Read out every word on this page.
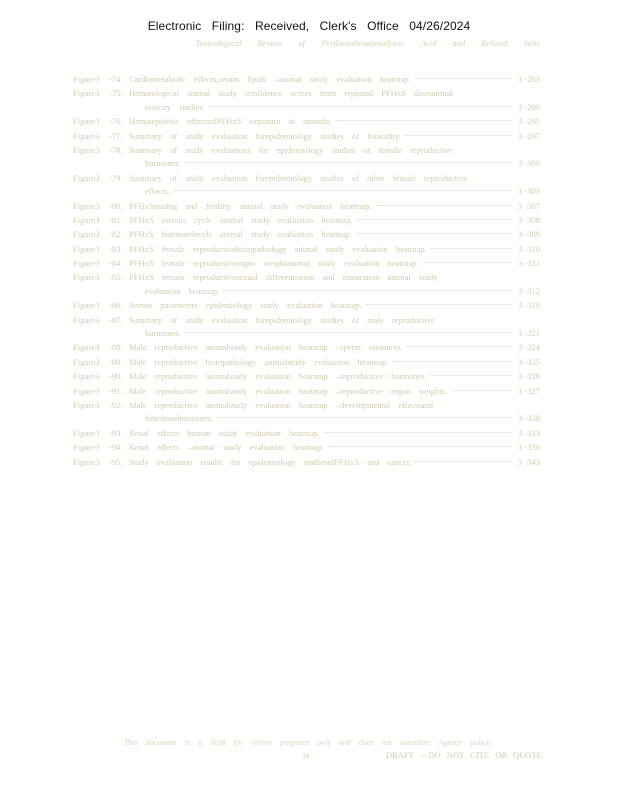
Electronic Filing: Received, Clerk's Office 04/26/2024
Toxicological Review of Perfluorohexanesulfonic Acid and Related Salts
Figure3	-74. Cardiometabolic effects,serum lipids –animal study evaluation heatmap.	3 -283
Figure3	-75. Hematological animal study confidence scores from repeated PFHxS doseanimal
toxicity studies.	3 -290
Figure3	-76. Hematopoietic effectsofPFHxS exposure in animals.	3 -295
Figure3	-77. Summary of study evaluation forepidemiology studies of fecundity.	3 -297
Figure3	-78. Summary of study evaluations for epidemiology studies of female reproductive
hormones.	3 -300
Figure3	-79. Summary of study evaluation forepidemiology studies of other female reproductive
effects.	3 -303
Figure3	-80. PFHxSmating and fertility animal study evaluation heatmap.	3 -307
Figure3	-81. PFHxS estrous cycle animal study evaluation heatmap.	3 -308
Figure3	-82. PFHxS hormonelevels animal study evaluation heatmap.	3 -309
Figure3	-83. PFHxS female reproductivehistopathology animal study evaluation heatmap.	3 -310
Figure3	-84. PFHxS female reproductiveorgan weightanimal study evaluation heatmap.	3 -311
Figure3	-85. PFHxS female reproductivesexual differentiation and maturation animal study
evaluation heatmap.	3 -312
Figure3	-86. Semen parameters epidemiology study evaluation heatmap.	3 -319
Figure3	-87. Summary of study evaluation forepidemiology studies of male reproductive
hormones.	3 -321
Figure3	-88. Male reproductive animalstudy evaluation heatmap –sperm measures.	3 -324
Figure3	-89. Male reproductive histopathology animalstudy evaluation heatmap.	3 -325
Figure3	-90. Male reproductive animalstudy evaluation heatmap –reproductive hormones.	3 -326
Figure3	-91. Male reproductive animalstudy evaluation heatmap –reproductive organ weights.	3 -327
Figure3	-92. Male reproductive animalstudy evaluation heatmap –developmental effectsand
functionalmeasures.	3 -328
Figure3	-93. Renal effects human study evaluation heatmap.	3 -333
Figure3	-94. Renal effects –animal study evaluation heatmap.	3 -338
Figure3	-95. Study evaluation results for epidemiology studiesofPFHxS and cancer.	3 -343
This document is a draft for review purposes only and does not constitute Agency policy.
ix	DRAFT —DO NOT CITE OR QUOTE
